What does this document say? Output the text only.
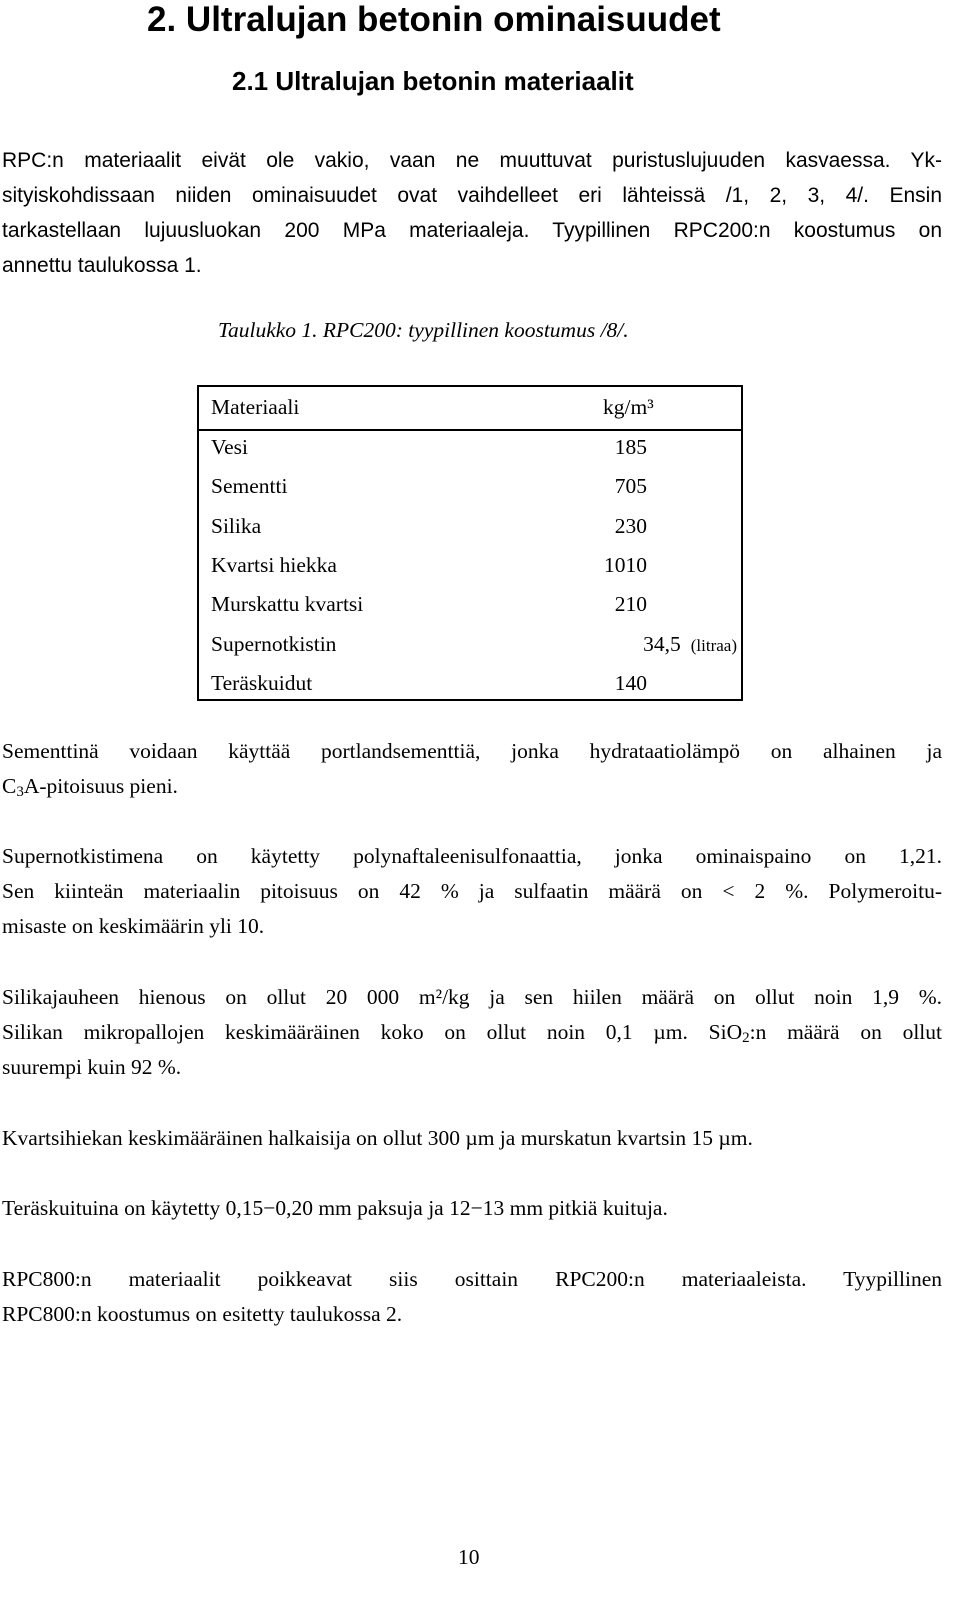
2. Ultralujan betonin ominaisuudet
2.1 Ultralujan betonin materiaalit
RPC:n materiaalit eivät ole vakio, vaan ne muuttuvat puristuslujuuden kasvaessa. Yk-
sityiskohdissaan niiden ominaisuudet ovat vaihdelleet eri lähteissä /1, 2, 3, 4/. Ensin
tarkastellaan lujuusluokan 200 MPa materiaaleja. Tyypillinen RPC200:n koostumus on
annettu taulukossa 1.

Taulukko 1. RPC200: tyypillinen koostumus /8/.

Materiaali	kg/m³
Vesi	185
Sementti	705
Silika	230
Kvartsi hiekka	1010
Murskattu kvartsi	210
Supernotkistin	34,5 (litraa)
Teräskuidut	140
Sementtinä voidaan käyttää portlandsementtiä, jonka hydrataatiolämpö on alhainen ja
$C_3A$-pitoisuus pieni.
Supernotkistimena on käytetty polynaftaleenisulfonaattia, jonka ominaispaino on 1,21.
Sen kiinteän materiaalin pitoisuus on 42 % ja sulfaatin määrä on < 2 %. Polymeroitu-
misaste on keskimäärin yli 10.
Silikajauheen hienous on ollut 20 000 m²/kg ja sen hiilen määrä on ollut noin 1,9 %.
Silikan mikropallojen keskimääräinen koko on ollut noin 0,1 µm. SiO$_2$:n määrä on ollut
suurempi kuin 92 %.
Kvartsihiekan keskimääräinen halkaisija on ollut 300 µm ja murskatun kvartsin 15 µm.
Teräskuituina on käytetty 0,15−0,20 mm paksuja ja 12−13 mm pitkiä kuituja.
RPC800:n materiaalit poikkeavat siis osittain RPC200:n materiaaleista. Tyypillinen
RPC800:n koostumus on esitetty taulukossa 2.
10
